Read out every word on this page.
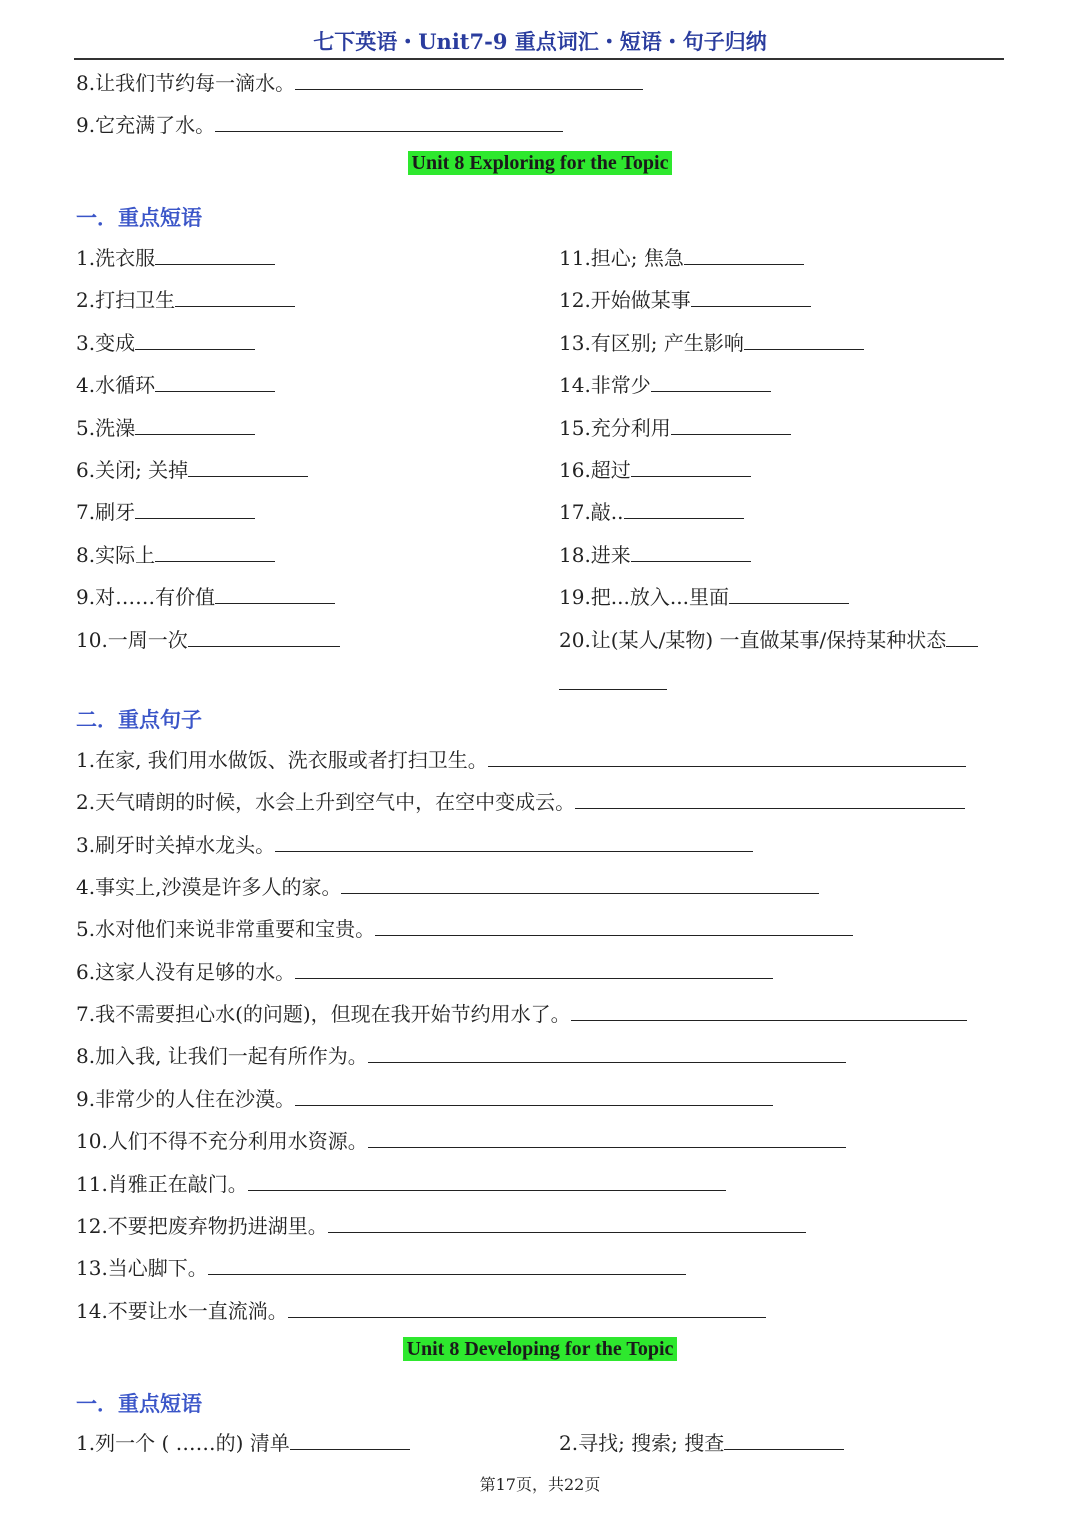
七下英语・Unit7-9 重点词汇・短语・句子归纳
8.让我们节约每一滴水。
9.它充满了水。
Unit 8 Exploring for the Topic
一．重点短语
1.洗衣服
2.打扫卫生
3.变成
4.水循环
5.洗澡
6.关闭; 关掉
7.刷牙
8.实际上
9.对……有价值
10.一周一次
11.担心; 焦急
12.开始做某事
13.有区别; 产生影响
14.非常少
15.充分利用
16.超过
17.敲..
18.进来
19.把...放入...里面
20.让(某人/某物) 一直做某事/保持某种状态
二．重点句子
1.在家, 我们用水做饭、洗衣服或者打扫卫生。
2.天气晴朗的时候，水会上升到空气中，在空中变成云。
3.刷牙时关掉水龙头。
4.事实上,沙漠是许多人的家。
5.水对他们来说非常重要和宝贵。
6.这家人没有足够的水。
7.我不需要担心水(的问题)，但现在我开始节约用水了。
8.加入我, 让我们一起有所作为。
9.非常少的人住在沙漠。
10.人们不得不充分利用水资源。
11.肖雅正在敲门。
12.不要把废弃物扔进湖里。
13.当心脚下。
14.不要让水一直流淌。
Unit 8 Developing for the Topic
一．重点短语
1.列一个 ( ……的) 清单	2.寻找; 搜索; 搜查
第17页，共22页
